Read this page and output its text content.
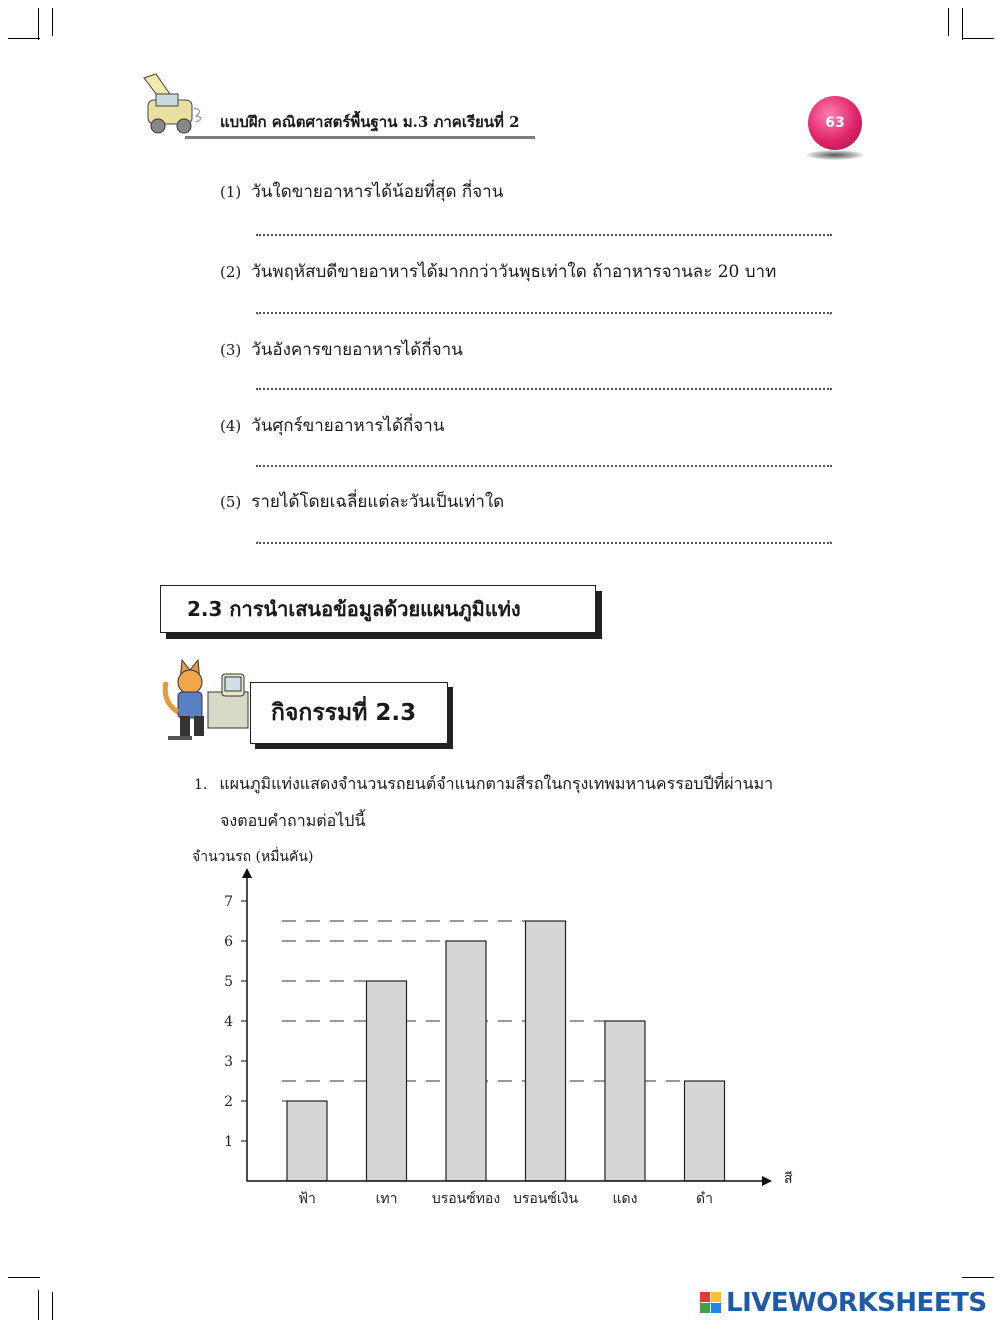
แบบฝึก คณิตศาสตร์พื้นฐาน ม.3 ภาคเรียนที่ 2	63
(1) วันใดขายอาหารได้น้อยที่สุด กี่จาน
(2) วันพฤหัสบดีขายอาหารได้มากกว่าวันพุธเท่าใด ถ้าอาหารจานละ 20 บาท
(3) วันอังคารขายอาหารได้กี่จาน
(4) วันศุกร์ขายอาหารได้กี่จาน
(5) รายได้โดยเฉลี่ยแต่ละวันเป็นเท่าใด
2.3 การนำเสนอข้อมูลด้วยแผนภูมิแท่ง
กิจกรรมที่ 2.3
1. แผนภูมิแท่งแสดงจำนวนรถยนต์จำแนกตามสีรถในกรุงเทพมหานครรอบปีที่ผ่านมา
จงตอบคำถามต่อไปนี้
จำนวนรถ (หมื่นคัน)
1
2
3
4
5
6
7
ฟ้า	เทา บรอนซ์ทอง บรอนซ์เงิน แดง	ดำ
สี
LIVEWORKSHEETS
